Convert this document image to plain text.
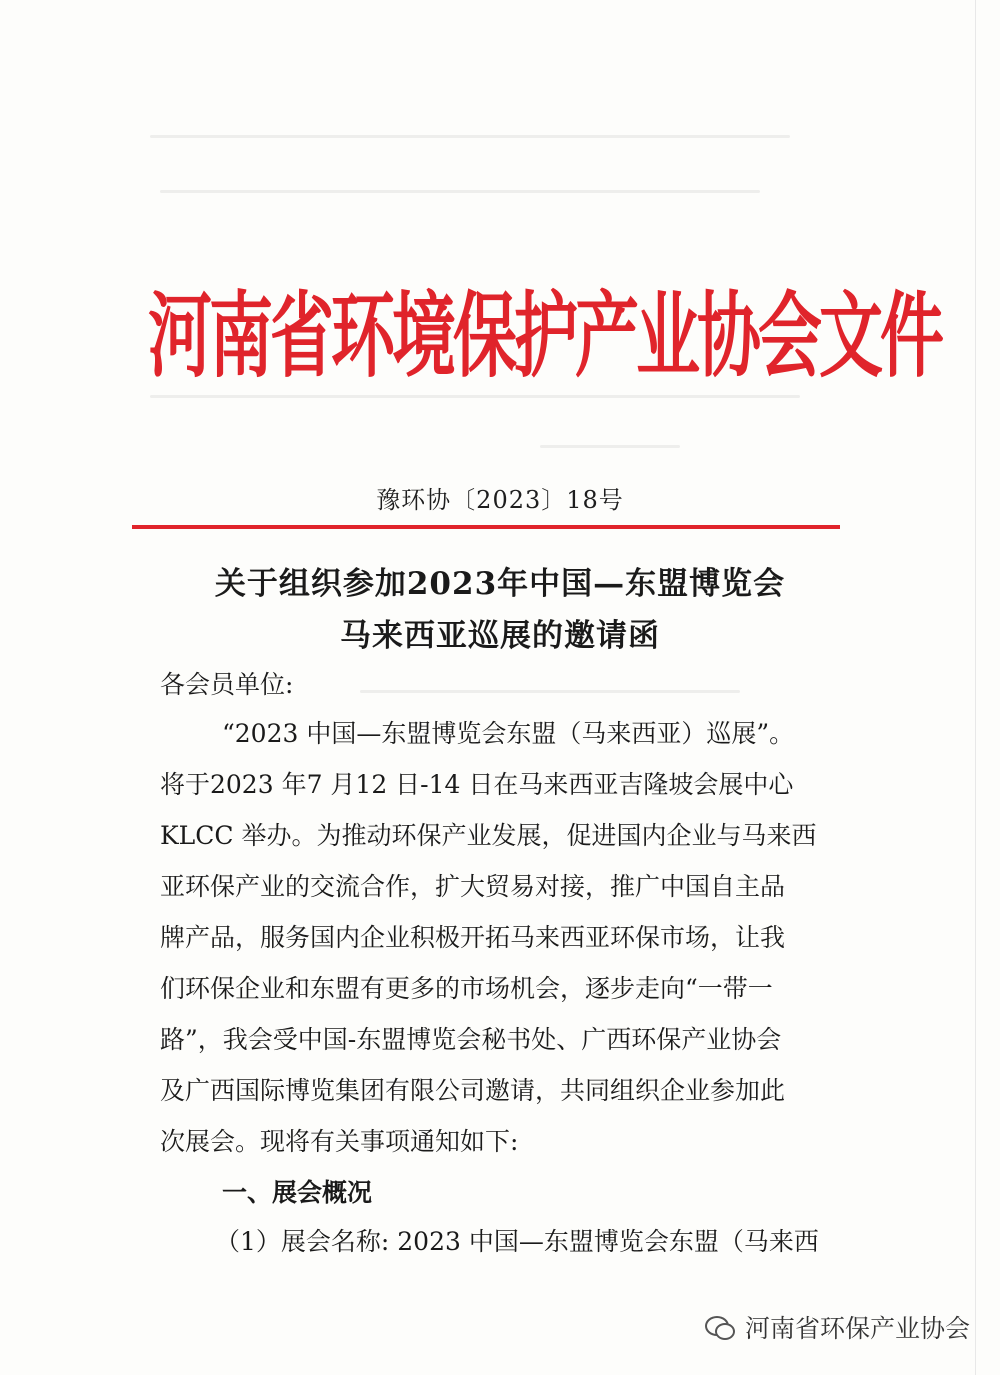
河南省环境保护产业协会文件
豫环协〔2023〕18号
关于组织参加2023年中国—东盟博览会
马来西亚巡展的邀请函
各会员单位:
“2023 中国—东盟博览会东盟（马来西亚）巡展”。
将于2023 年7 月12 日-14 日在马来西亚吉隆坡会展中心
KLCC 举办。为推动环保产业发展，促进国内企业与马来西
亚环保产业的交流合作，扩大贸易对接，推广中国自主品
牌产品，服务国内企业积极开拓马来西亚环保市场，让我
们环保企业和东盟有更多的市场机会，逐步走向“一带一
路”，我会受中国-东盟博览会秘书处、广西环保产业协会
及广西国际博览集团有限公司邀请，共同组织企业参加此
次展会。现将有关事项通知如下:
一、展会概况
（1）展会名称: 2023 中国—东盟博览会东盟（马来西
河南省环保产业协会
